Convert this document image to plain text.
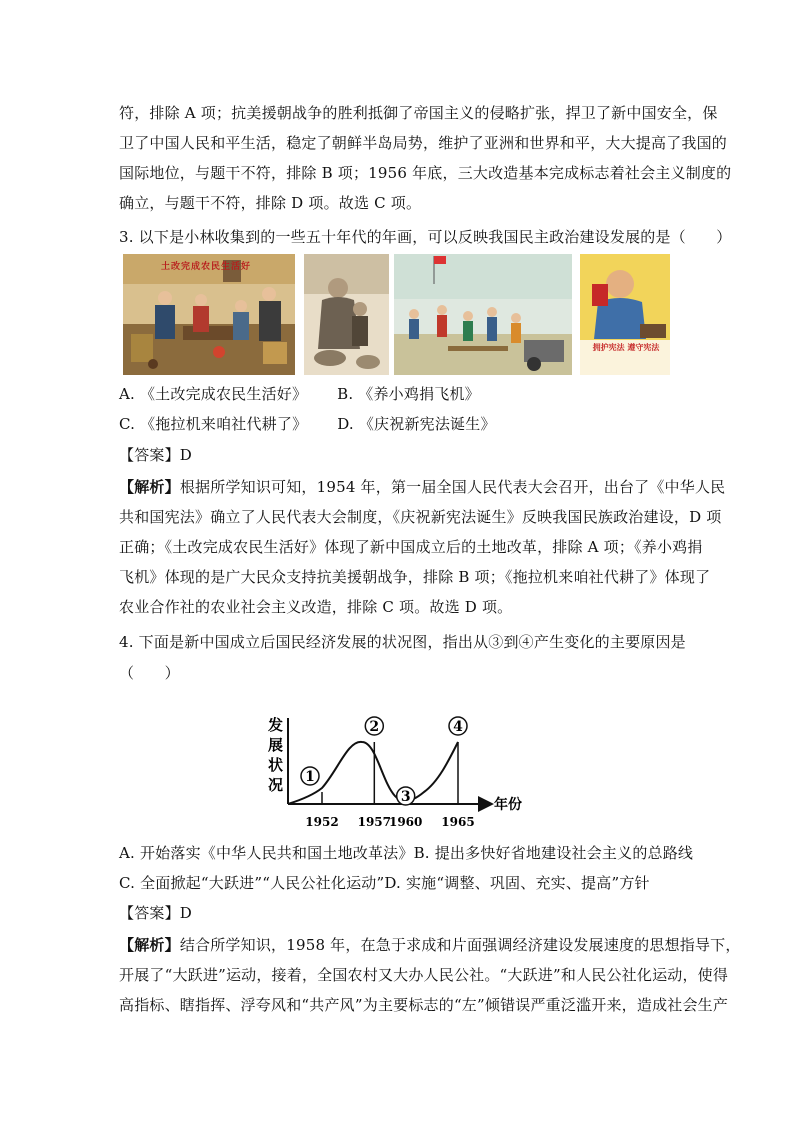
符，排除 A 项；抗美援朝战争的胜利抵御了帝国主义的侵略扩张，捍卫了新中国安全，保
卫了中国人民和平生活，稳定了朝鲜半岛局势，维护了亚洲和世界和平，大大提高了我国的
国际地位，与题干不符，排除 B 项；1956 年底，三大改造基本完成标志着社会主义制度的
确立，与题干不符，排除 D 项。故选 C 项。
3. 以下是小林收集到的一些五十年代的年画，可以反映我国民主政治建设发展的是（　　）
土改完成农民生活好
拥护宪法 遵守宪法
A. 《土改完成农民生活好》 B. 《养小鸡捐飞机》
C. 《拖拉机来咱社代耕了》 D. 《庆祝新宪法诞生》
【答案】D
【解析】根据所学知识可知，1954 年，第一届全国人民代表大会召开，出台了《中华人民
共和国宪法》确立了人民代表大会制度，《庆祝新宪法诞生》反映我国民族政治建设，D 项
正确；《土改完成农民生活好》体现了新中国成立后的土地改革，排除 A 项；《养小鸡捐
飞机》体现的是广大民众支持抗美援朝战争，排除 B 项；《拖拉机来咱社代耕了》体现了
农业合作社的农业社会主义改造，排除 C 项。故选 D 项。
4. 下面是新中国成立后国民经济发展的状况图，指出从③到④产生变化的主要原因是
（　　）
发
展
状
况
年份
1
1952
2
1957
3
1960
4
1965
A. 开始落实《中华人民共和国土地改革法》B. 提出多快好省地建设社会主义的总路线
C. 全面掀起“大跃进”“人民公社化运动”D. 实施“调整、巩固、充实、提高”方针
【答案】D
【解析】结合所学知识，1958 年，在急于求成和片面强调经济建设发展速度的思想指导下，
开展了“大跃进”运动，接着，全国农村又大办人民公社。“大跃进”和人民公社化运动，使得
高指标、瞎指挥、浮夸风和“共产风”为主要标志的“左”倾错误严重泛滥开来，造成社会生产
